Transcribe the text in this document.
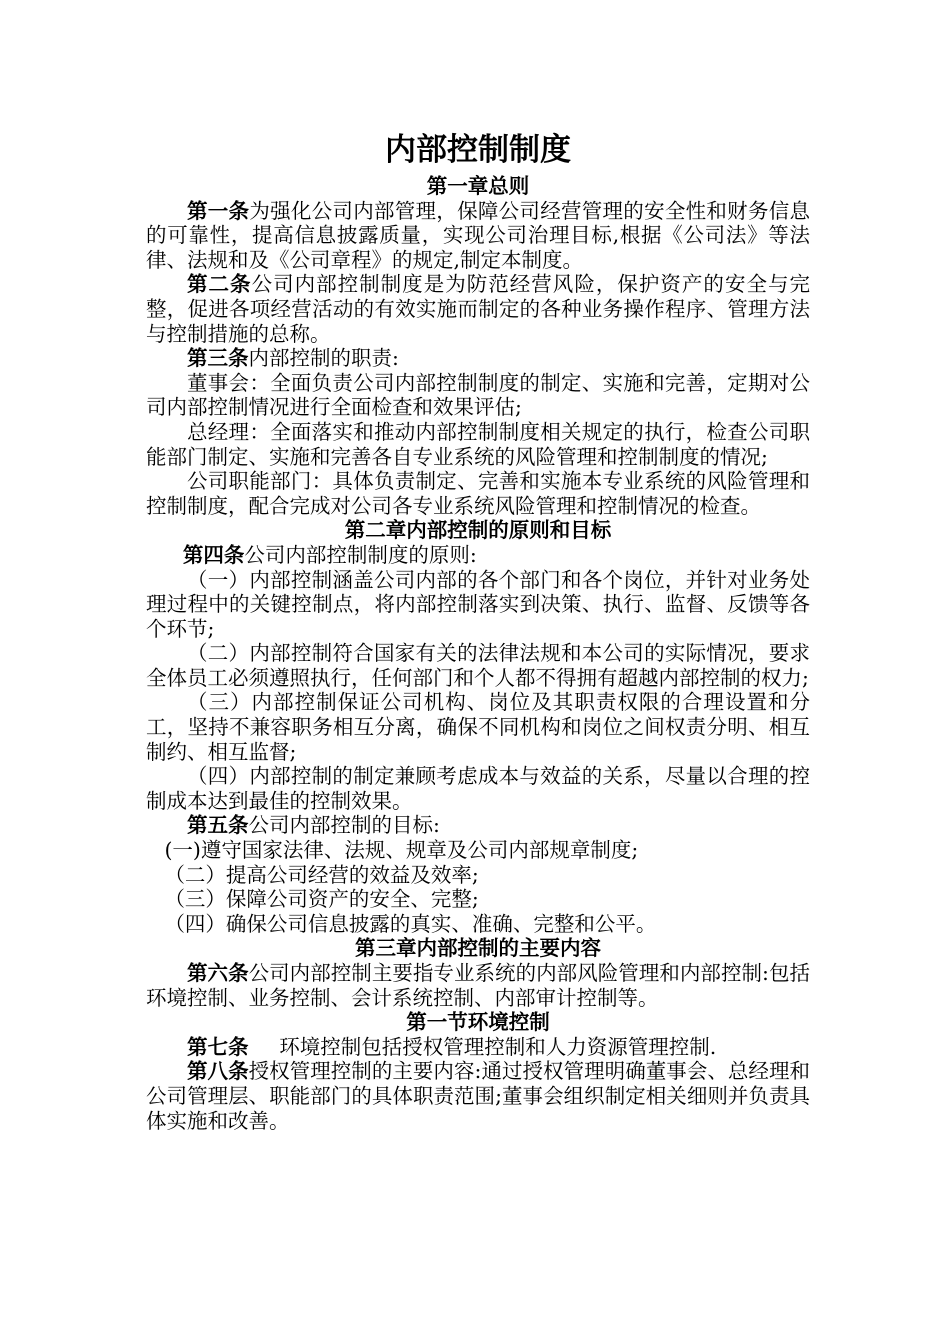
内部控制制度
第一章总则

第一条为强化公司内部管理，保障公司经营管理的安全性和财务信息的可靠性，提高信息披露质量，实现公司治理目标,根据《公司法》等法律、法规和及《公司章程》的规定,制定本制度。

第二条公司内部控制制度是为防范经营风险，保护资产的安全与完整，促进各项经营活动的有效实施而制定的各种业务操作程序、管理方法与控制措施的总称。

第三条内部控制的职责:

董事会：全面负责公司内部控制制度的制定、实施和完善，定期对公司内部控制情况进行全面检查和效果评估;

总经理：全面落实和推动内部控制制度相关规定的执行，检查公司职能部门制定、实施和完善各自专业系统的风险管理和控制制度的情况;

公司职能部门：具体负责制定、完善和实施本专业系统的风险管理和控制制度，配合完成对公司各专业系统风险管理和控制情况的检查。

第二章内部控制的原则和目标

第四条公司内部控制制度的原则:

（一）内部控制涵盖公司内部的各个部门和各个岗位，并针对业务处理过程中的关键控制点，将内部控制落实到决策、执行、监督、反馈等各个环节;

（二）内部控制符合国家有关的法律法规和本公司的实际情况，要求全体员工必须遵照执行，任何部门和个人都不得拥有超越内部控制的权力;

（三）内部控制保证公司机构、岗位及其职责权限的合理设置和分工，坚持不兼容职务相互分离，确保不同机构和岗位之间权责分明、相互制约、相互监督;

（四）内部控制的制定兼顾考虑成本与效益的关系，尽量以合理的控制成本达到最佳的控制效果。

第五条公司内部控制的目标:

(一)遵守国家法律、法规、规章及公司内部规章制度;

（二）提高公司经营的效益及效率;

（三）保障公司资产的安全、完整;

（四）确保公司信息披露的真实、准确、完整和公平。

第三章内部控制的主要内容

第六条公司内部控制主要指专业系统的内部风险管理和内部控制:包括环境控制、业务控制、会计系统控制、内部审计控制等。

第一节环境控制

第七条 环境控制包括授权管理控制和人力资源管理控制.

第八条授权管理控制的主要内容:通过授权管理明确董事会、总经理和公司管理层、职能部门的具体职责范围;董事会组织制定相关细则并负责具体实施和改善。
